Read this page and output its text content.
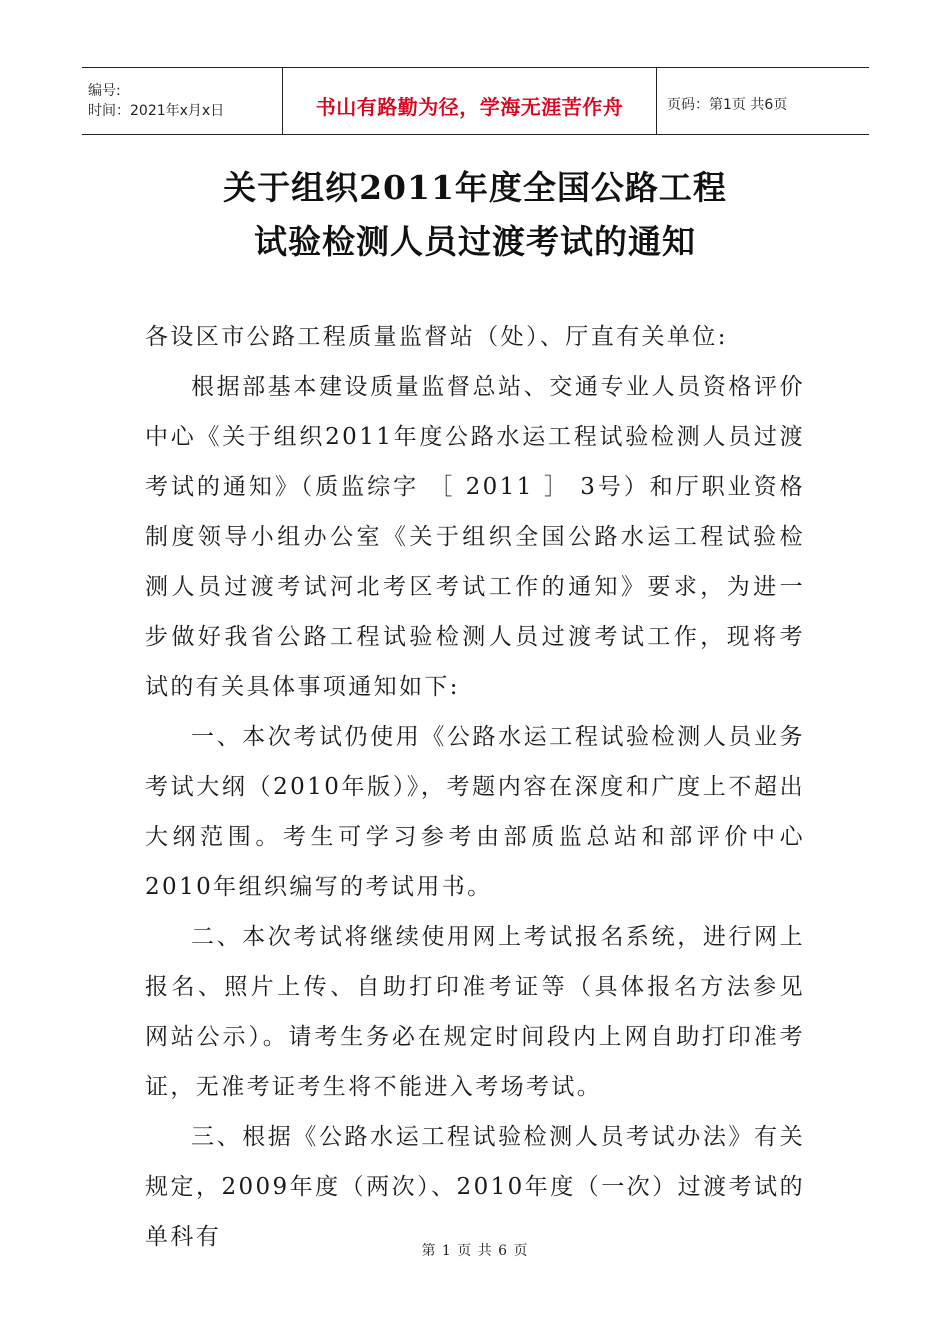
编号:
时间：2021年x月x日	书山有路勤为径，学海无涯苦作舟	页码：第1页 共6页
关于组织2011年度全国公路工程
试验检测人员过渡考试的通知
各设区市公路工程质量监督站（处）、厅直有关单位:

根据部基本建设质量监督总站、交通专业人员资格评价中心《关于组织2011年度公路水运工程试验检测人员过渡考试的通知》（质监综字 ［ 2011 ］ 3号）和厅职业资格制度领导小组办公室《关于组织全国公路水运工程试验检测人员过渡考试河北考区考试工作的通知》要求，为进一步做好我省公路工程试验检测人员过渡考试工作，现将考试的有关具体事项通知如下:

一、本次考试仍使用《公路水运工程试验检测人员业务考试大纲（2010年版）》，考题内容在深度和广度上不超出大纲范围。考生可学习参考由部质监总站和部评价中心2010年组织编写的考试用书。

二、本次考试将继续使用网上考试报名系统，进行网上报名、照片上传、自助打印准考证等（具体报名方法参见网站公示）。请考生务必在规定时间段内上网自助打印准考证，无准考证考生将不能进入考场考试。

三、根据《公路水运工程试验检测人员考试办法》有关规定，2009年度（两次）、2010年度（一次）过渡考试的单科有

第 1 页 共 6 页
